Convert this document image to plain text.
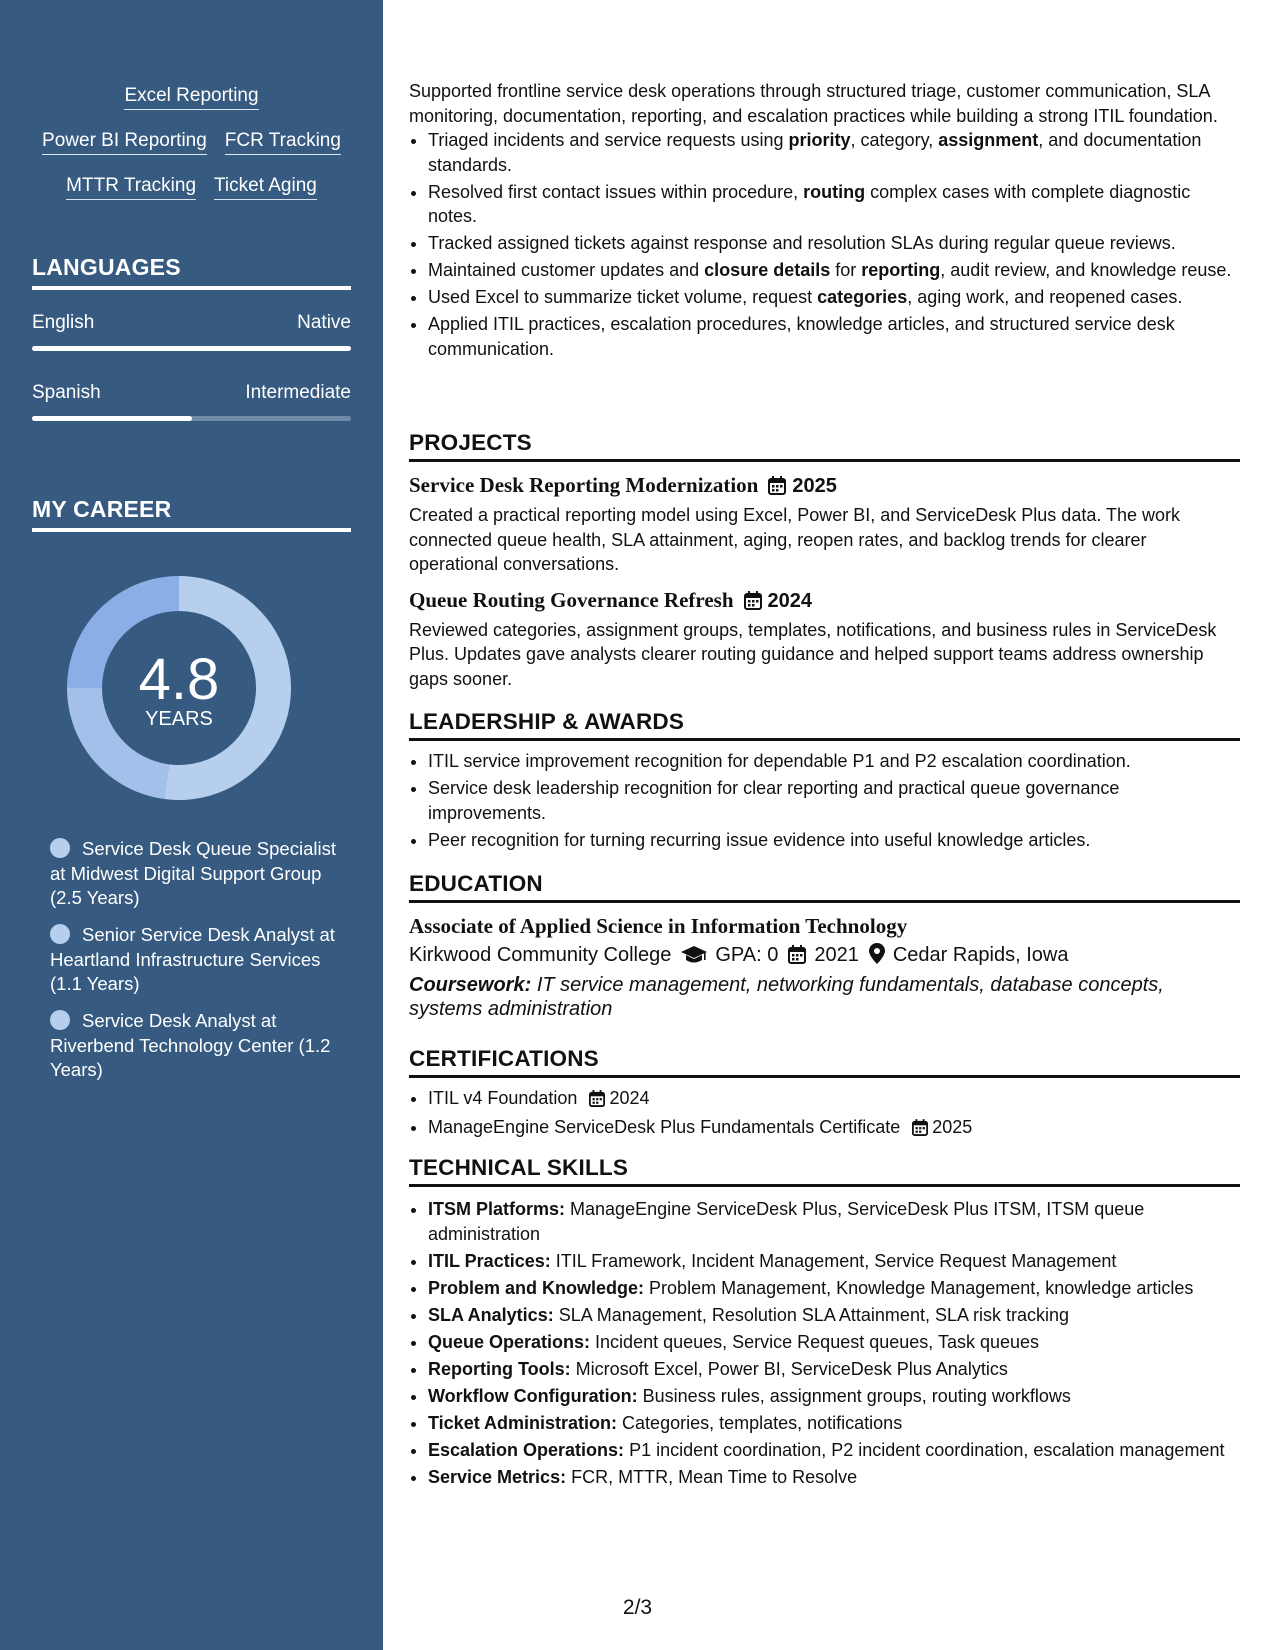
Excel Reporting
Power BI Reporting FCR Tracking
MTTR Tracking Ticket Aging
LANGUAGES
English	Native
Spanish	Intermediate
MY CAREER
4.8
YEARS
Service Desk Queue Specialist at Midwest Digital Support Group (2.5 Years)
Senior Service Desk Analyst at Heartland Infrastructure Services (1.1 Years)
Service Desk Analyst at Riverbend Technology Center (1.2 Years)
Supported frontline service desk operations through structured triage, customer communication, SLA monitoring, documentation, reporting, and escalation practices while building a strong ITIL foundation.
• Triaged incidents and service requests using priority, category, assignment, and documentation standards.
• Resolved first contact issues within procedure, routing complex cases with complete diagnostic notes.
• Tracked assigned tickets against response and resolution SLAs during regular queue reviews.
• Maintained customer updates and closure details for reporting, audit review, and knowledge reuse.
• Used Excel to summarize ticket volume, request categories, aging work, and reopened cases.
• Applied ITIL practices, escalation procedures, knowledge articles, and structured service desk communication.
PROJECTS
Service Desk Reporting Modernization 2025
Created a practical reporting model using Excel, Power BI, and ServiceDesk Plus data. The work connected queue health, SLA attainment, aging, reopen rates, and backlog trends for clearer operational conversations.
Queue Routing Governance Refresh 2024
Reviewed categories, assignment groups, templates, notifications, and business rules in ServiceDesk Plus. Updates gave analysts clearer routing guidance and helped support teams address ownership gaps sooner.
LEADERSHIP & AWARDS
• ITIL service improvement recognition for dependable P1 and P2 escalation coordination.
• Service desk leadership recognition for clear reporting and practical queue governance improvements.
• Peer recognition for turning recurring issue evidence into useful knowledge articles.
EDUCATION
Associate of Applied Science in Information Technology
Kirkwood Community College GPA: 0 2021 Cedar Rapids, Iowa
Coursework: IT service management, networking fundamentals, database concepts, systems administration
CERTIFICATIONS
• ITIL v4 Foundation 2024
• ManageEngine ServiceDesk Plus Fundamentals Certificate 2025
TECHNICAL SKILLS
• ITSM Platforms: ManageEngine ServiceDesk Plus, ServiceDesk Plus ITSM, ITSM queue administration
• ITIL Practices: ITIL Framework, Incident Management, Service Request Management
• Problem and Knowledge: Problem Management, Knowledge Management, knowledge articles
• SLA Analytics: SLA Management, Resolution SLA Attainment, SLA risk tracking
• Queue Operations: Incident queues, Service Request queues, Task queues
• Reporting Tools: Microsoft Excel, Power BI, ServiceDesk Plus Analytics
• Workflow Configuration: Business rules, assignment groups, routing workflows
• Ticket Administration: Categories, templates, notifications
• Escalation Operations: P1 incident coordination, P2 incident coordination, escalation management
• Service Metrics: FCR, MTTR, Mean Time to Resolve
2/3
